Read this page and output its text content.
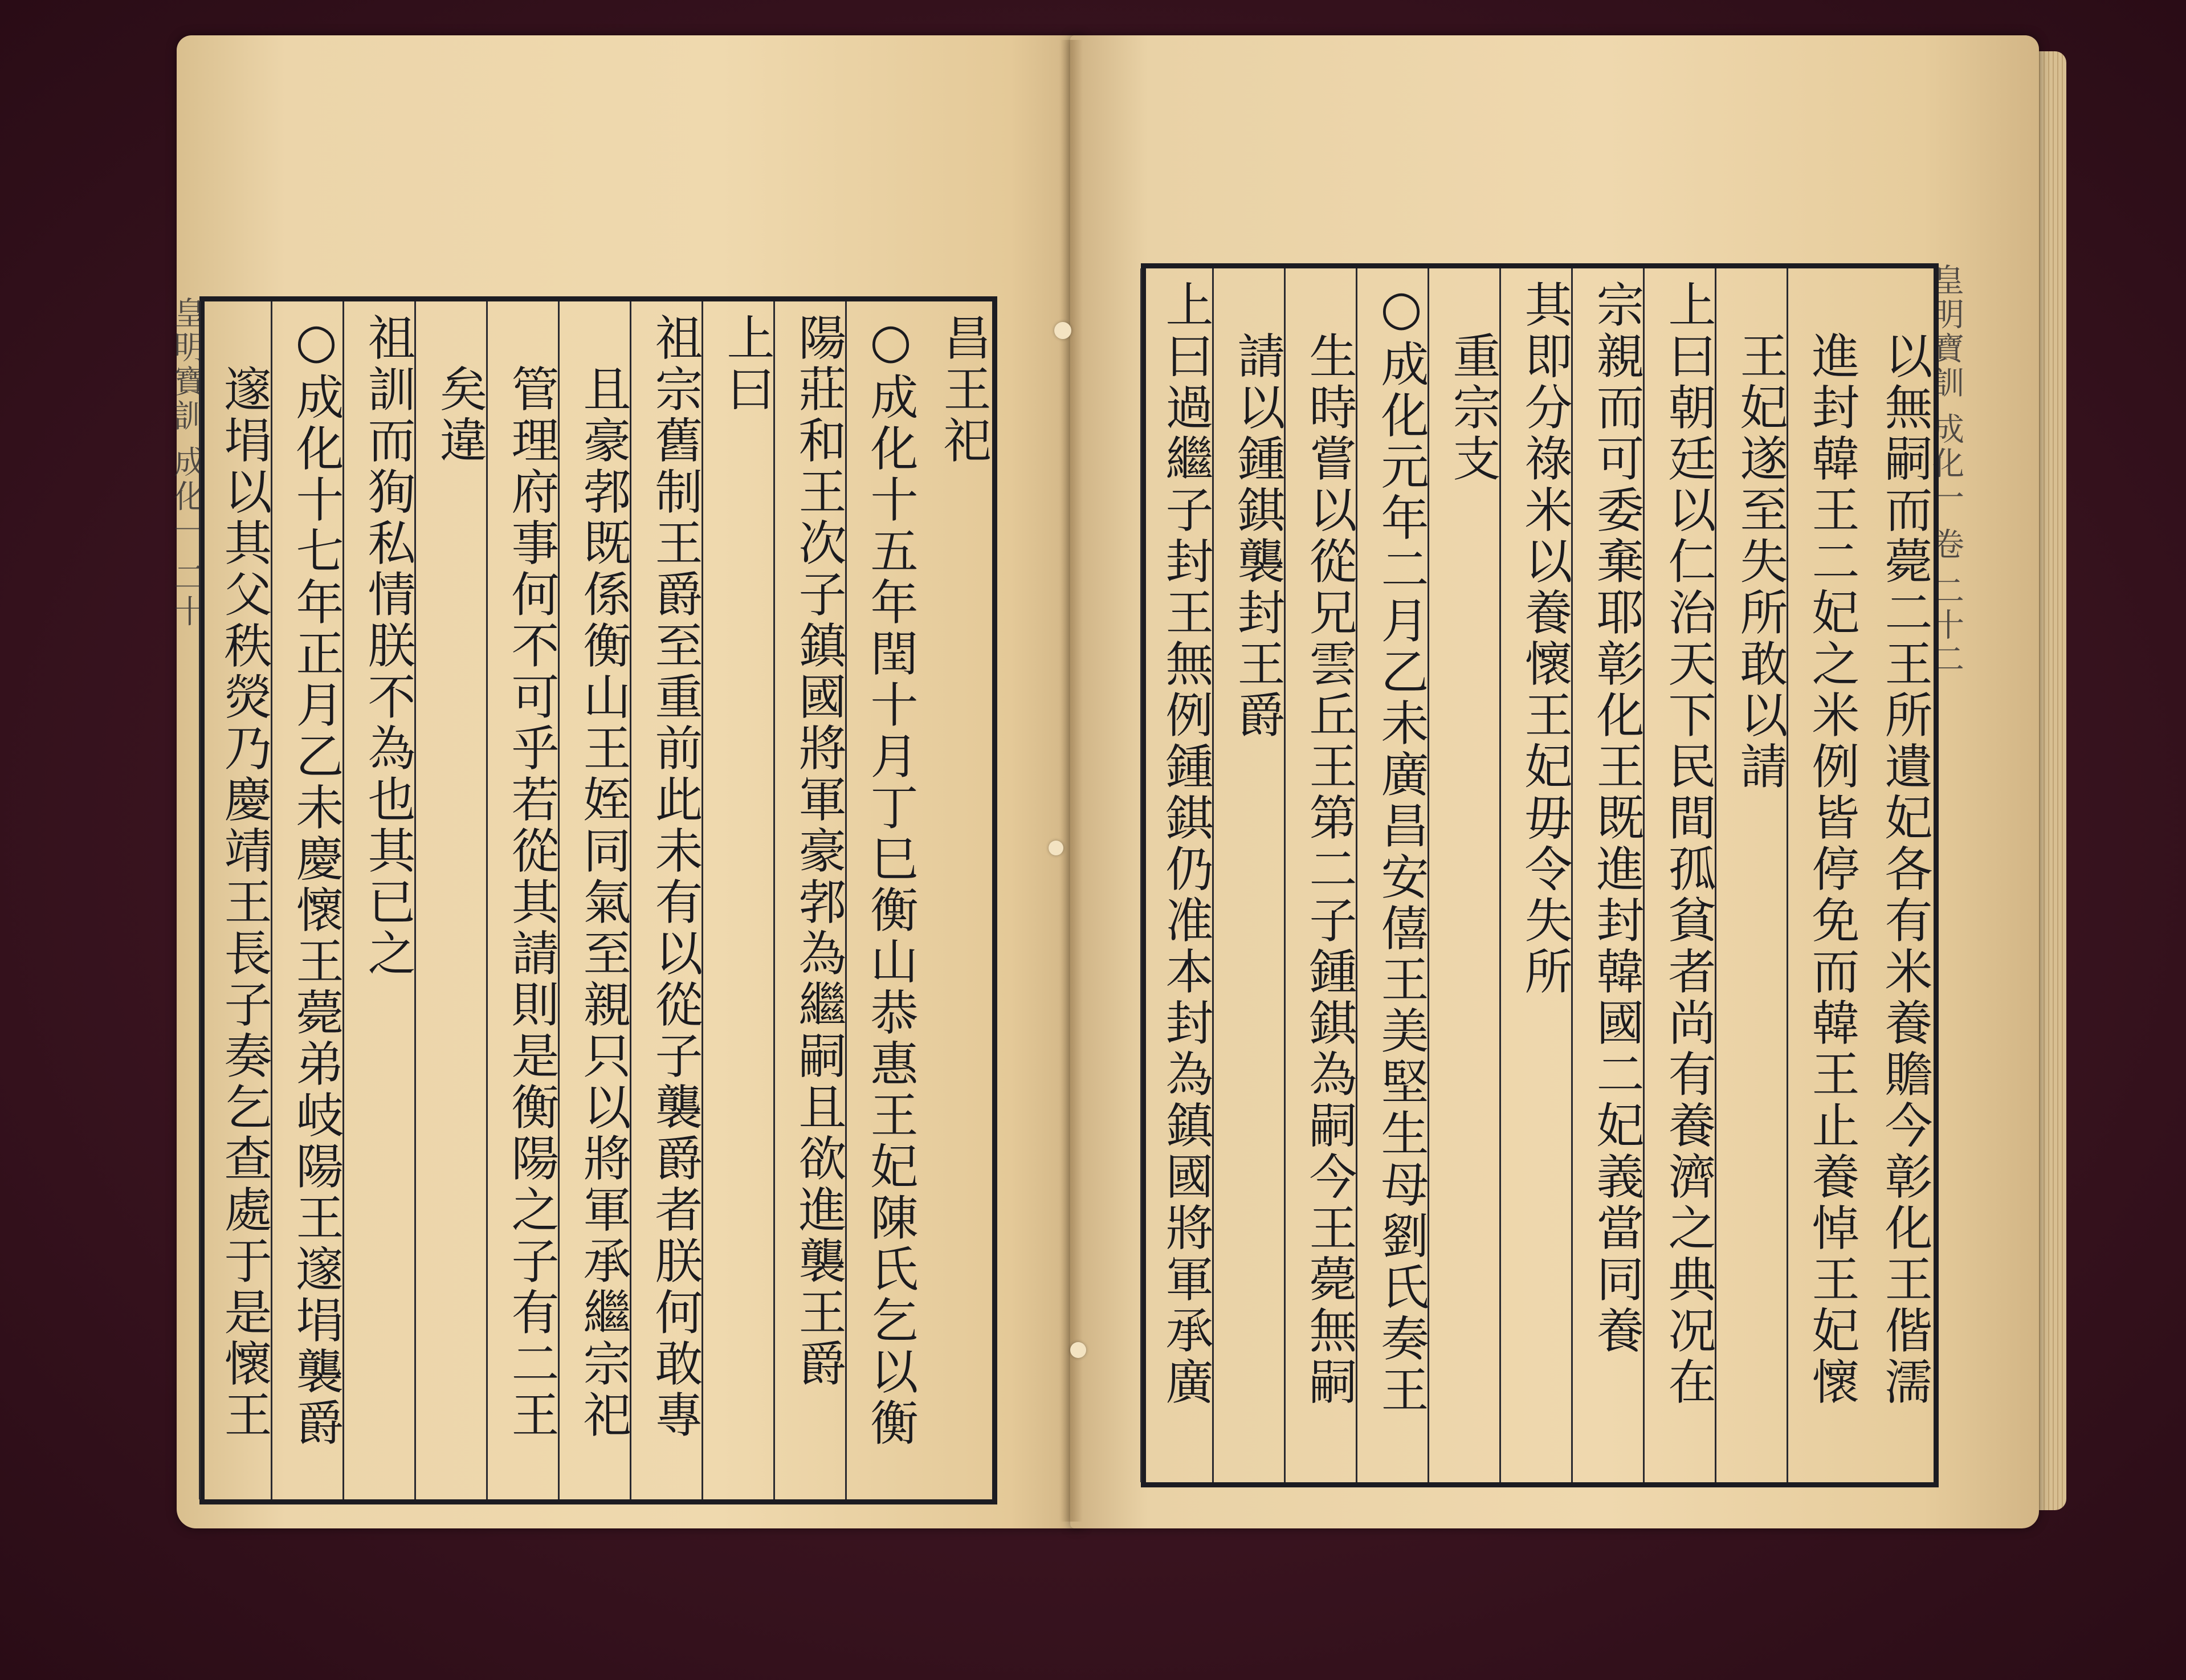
皇明寶訓 成化一 二十	皇明寶訓 成化一 卷 二十二
昌王祀
○成化十五年閏十月丁巳衡山恭惠王妃陳氏乞以衡
陽莊和王次子鎮國將軍豪郣為繼嗣且欲進襲王爵
上曰
祖宗舊制王爵至重前此未有以從子襲爵者朕何敢專
且豪郣既係衡山王姪同氣至親只以將軍承繼宗祀
管理府事何不可乎若從其請則是衡陽之子有二王
矣違
祖訓而狥私情朕不為也其已之
○成化十七年正月乙未慶懷王薨弟岐陽王邃埍襲爵
邃埍以其父秩熒乃慶靖王長子奏乞查處于是懷王	以無嗣而薨二王所遺妃各有米養贍今彰化王偕濡
進封韓王二妃之米例皆停免而韓王止養悼王妃懷
王妃遂至失所敢以請
上曰朝廷以仁治天下民間孤貧者尚有養濟之典况在
宗親而可委棄耶彰化王既進封韓國二妃義當同養
其即分祿米以養懷王妃毋令失所
重宗支
○成化元年二月乙未廣昌安僖王美堅生母劉氏奏王
生時嘗以從兄雲丘王第二子鍾錤為嗣今王薨無嗣
請以鍾錤襲封王爵
上曰過繼子封王無例鍾錤仍准本封為鎮國將軍承廣
